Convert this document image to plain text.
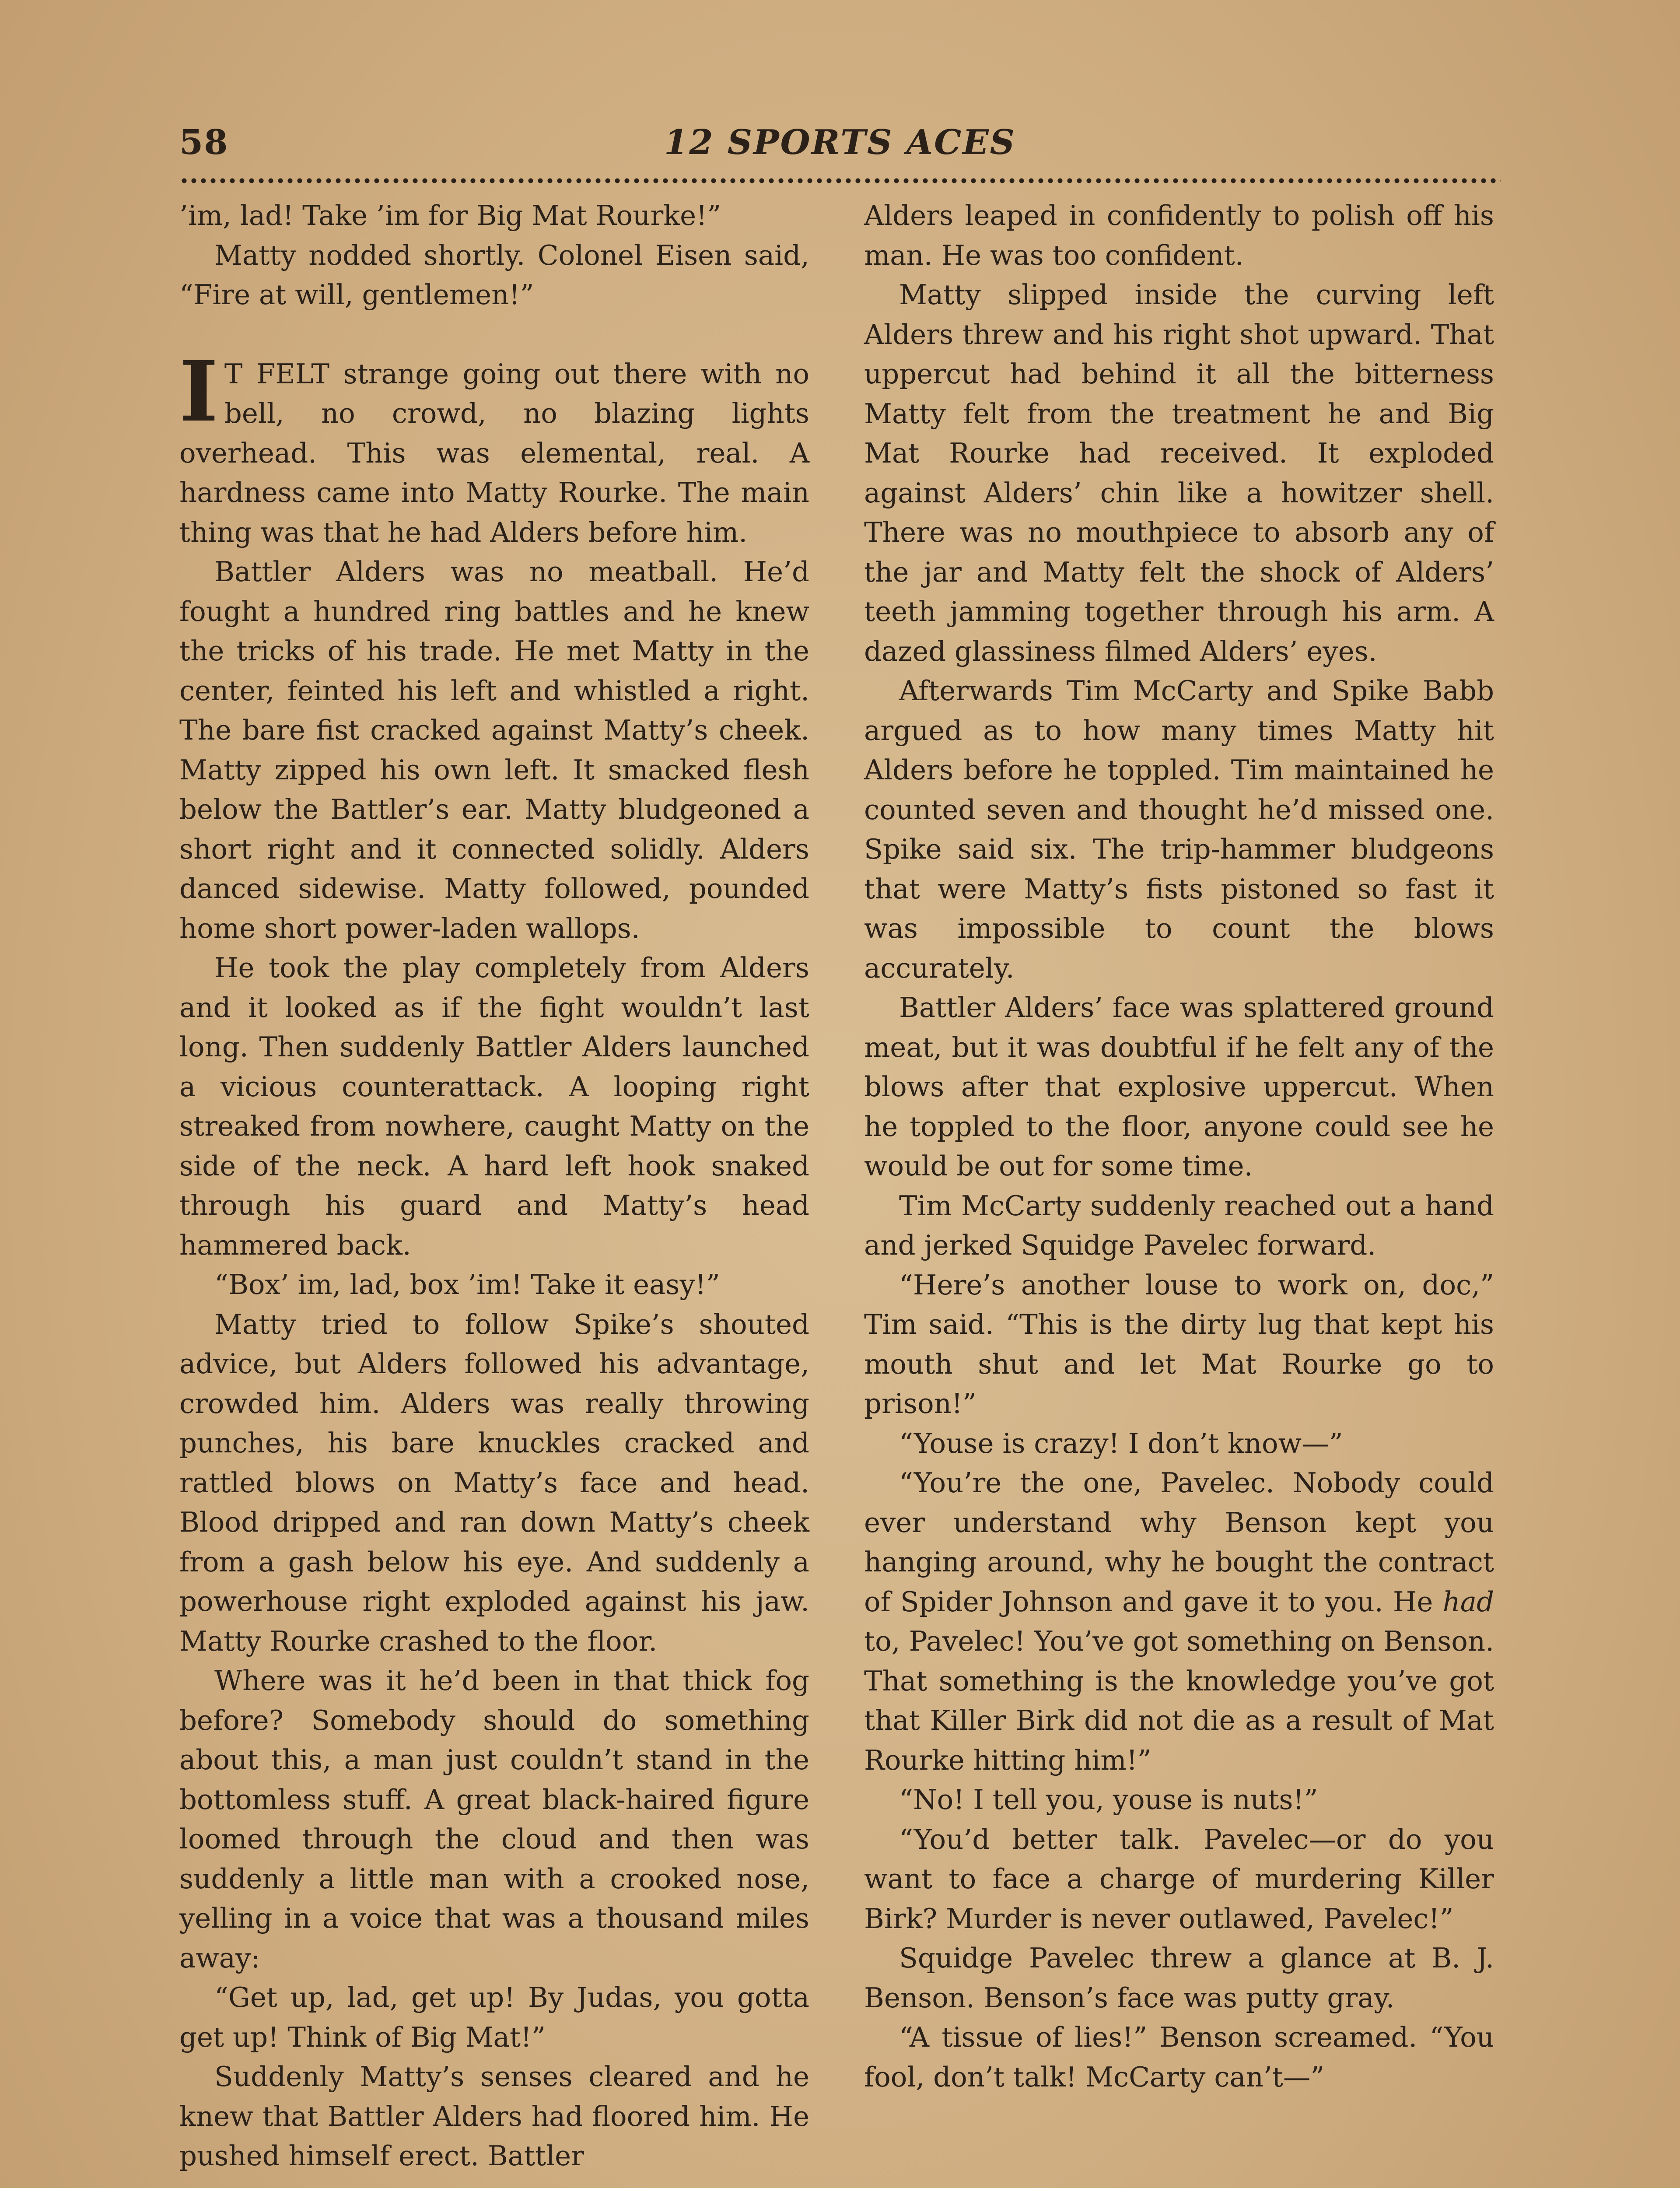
58	12 SPORTS ACES

’im, lad! Take ’im for Big Mat Rourke!”

Matty nodded shortly. Colonel Eisen said, “Fire at will, gentlemen!”

I T FELT strange going out there with no bell, no crowd, no blazing lights overhead. This was elemental, real. A hardness came into Matty Rourke. The main thing was that he had Alders before him.

Battler Alders was no meatball. He’d fought a hundred ring battles and he knew the tricks of his trade. He met Matty in the center, feinted his left and whistled a right. The bare fist cracked against Matty’s cheek. Matty zipped his own left. It smacked flesh below the Battler’s ear. Matty bludgeoned a short right and it connected solidly. Alders danced sidewise. Matty followed, pounded home short power-laden wallops.

He took the play completely from Alders and it looked as if the fight wouldn’t last long. Then suddenly Battler Alders launched a vicious counterattack. A looping right streaked from nowhere, caught Matty on the side of the neck. A hard left hook snaked through his guard and Matty’s head hammered back.

“Box’ im, lad, box ’im! Take it easy!”

Matty tried to follow Spike’s shouted advice, but Alders followed his advantage, crowded him. Alders was really throwing punches, his bare knuckles cracked and rattled blows on Matty’s face and head. Blood dripped and ran down Matty’s cheek from a gash below his eye. And suddenly a powerhouse right exploded against his jaw. Matty Rourke crashed to the floor.

Where was it he’d been in that thick fog before? Somebody should do something about this, a man just couldn’t stand in the bottomless stuff. A great black-haired figure loomed through the cloud and then was suddenly a little man with a crooked nose, yelling in a voice that was a thousand miles away:

“Get up, lad, get up! By Judas, you gotta get up! Think of Big Mat!”

Suddenly Matty’s senses cleared and he knew that Battler Alders had floored him. He pushed himself erect. Battler

Alders leaped in confidently to polish off his man. He was too confident.

Matty slipped inside the curving left Alders threw and his right shot upward. That uppercut had behind it all the bitterness Matty felt from the treatment he and Big Mat Rourke had received. It exploded against Alders’ chin like a howitzer shell. There was no mouthpiece to absorb any of the jar and Matty felt the shock of Alders’ teeth jamming together through his arm. A dazed glassiness filmed Alders’ eyes.

Afterwards Tim McCarty and Spike Babb argued as to how many times Matty hit Alders before he toppled. Tim maintained he counted seven and thought he’d missed one. Spike said six. The trip-hammer bludgeons that were Matty’s fists pistoned so fast it was impossible to count the blows accurately.

Battler Alders’ face was splattered ground meat, but it was doubtful if he felt any of the blows after that explosive uppercut. When he toppled to the floor, anyone could see he would be out for some time.

Tim McCarty suddenly reached out a hand and jerked Squidge Pavelec forward.

“Here’s another louse to work on, doc,” Tim said. “This is the dirty lug that kept his mouth shut and let Mat Rourke go to prison!”

“Youse is crazy! I don’t know—”

“You’re the one, Pavelec. Nobody could ever understand why Benson kept you hanging around, why he bought the contract of Spider Johnson and gave it to you. He had to, Pavelec! You’ve got something on Benson. That something is the knowledge you’ve got that Killer Birk did not die as a result of Mat Rourke hitting him!”

“No! I tell you, youse is nuts!”

“You’d better talk. Pavelec—or do you want to face a charge of murdering Killer Birk? Murder is never outlawed, Pavelec!”

Squidge Pavelec threw a glance at B. J. Benson. Benson’s face was putty gray.

“A tissue of lies!” Benson screamed. “You fool, don’t talk! McCarty can’t—”
